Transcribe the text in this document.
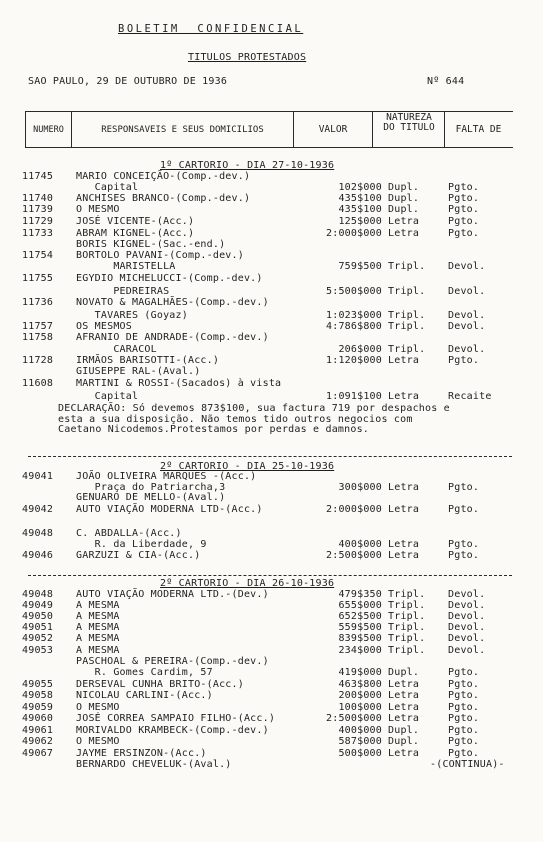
BOLETIM  CONFIDENCIAL
TITULOS PROTESTADOS
SAO PAULO, 29 DE OUTUBRO DE 1936	Nº 644
NUMERO	RESPONSAVEIS E SEUS DOMICILIOS	VALOR
NATUREZA DO TITULO	FALTA DE
1º CARTORIO - DIA 27-10-1936
11745 MARIO CONCEIÇÃO-(Comp.-dev.)
Capital	102$000 Dupl.	Pgto.
11740 ANCHISES BRANCO-(Comp.-dev.)	435$100 Dupl.	Pgto.
11739 O MESMO	435$100 Dupl.	Pgto.
11729 JOSÉ VICENTE-(Acc.)	125$000 Letra	Pgto.
11733 ABRAM KIGNEL-(Acc.)	2:000$000 Letra	Pgto.
BORIS KIGNEL-(Sac.-end.)
11754 BORTOLO PAVANI-(Comp.-dev.)
MARISTELLA	759$500 Tripl. Devol.
11755 EGYDIO MICHELUCCI-(Comp.-dev.)
PEDREIRAS	5:500$000 Tripl. Devol.
11736 NOVATO & MAGALHÃES-(Comp.-dev.)
TAVARES (Goyaz)	1:023$000 Tripl. Devol.
11757 OS MESMOS	4:786$800 Tripl. Devol.
11758 AFRANIO DE ANDRADE-(Comp.-dev.)
CARACOL	206$000 Tripl. Devol.
11728 IRMÃOS BARISOTTI-(Acc.)	1:120$000 Letra	Pgto.
GIUSEPPE RAL-(Aval.)
11608 MARTINI & ROSSI-(Sacados) à vista
Capital	1:091$100 Letra	Recaite
DECLARAÇÃO: Só devemos 873$100, sua factura 719 por despachos e
esta a sua disposição. Não temos tido outros negocios com
Caetano Nicodemos.Protestamos por perdas e damnos.
2º CARTORIO - DIA 25-10-1936
49041 JOÃO OLIVEIRA MARQUES -(Acc.)
Praça do Patriarcha,3	300$000 Letra	Pgto.
GENUARO DE MELLO-(Aval.)
49042 AUTO VIAÇÃO MODERNA LTD-(Acc.)	2:000$000 Letra	Pgto.
49048 C. ABDALLA-(Acc.)
R. da Liberdade, 9	400$000 Letra	Pgto.
49046 GARZUZI & CIA-(Acc.)	2:500$000 Letra	Pgto.
2º CARTORIO - DIA 26-10-1936
49048 AUTO VIAÇÃO MODERNA LTD.-(Dev.)	479$350 Tripl. Devol.
49049 A MESMA	655$000 Tripl. Devol.
49050 A MESMA	652$500 Tripl. Devol.
49051 A MESMA	559$500 Tripl. Devol.
49052 A MESMA	839$500 Tripl. Devol.
49053 A MESMA	234$000 Tripl. Devol.
PASCHOAL & PEREIRA-(Comp.-dev.)
R. Gomes Cardim, 57	419$000 Dupl.	Pgto.
49055 DERSEVAL CUNHA BRITO-(Acc.)	463$800 Letra	Pgto.
49058 NICOLAU CARLINI-(Acc.)	200$000 Letra	Pgto.
49059 O MESMO	100$000 Letra	Pgto.
49060 JOSÉ CORREA SAMPAIO FILHO-(Acc.)	2:500$000 Letra	Pgto.
49061 MORIVALDO KRAMBECK-(Comp.-dev.)	400$000 Dupl.	Pgto.
49062 O MESMO	587$000 Dupl.	Pgto.
49067 JAYME ERSINZON-(Acc.)	500$000 Letra	Pgto.
BERNARDO CHEVELUK-(Aval.)	-(CONTINUA)-
